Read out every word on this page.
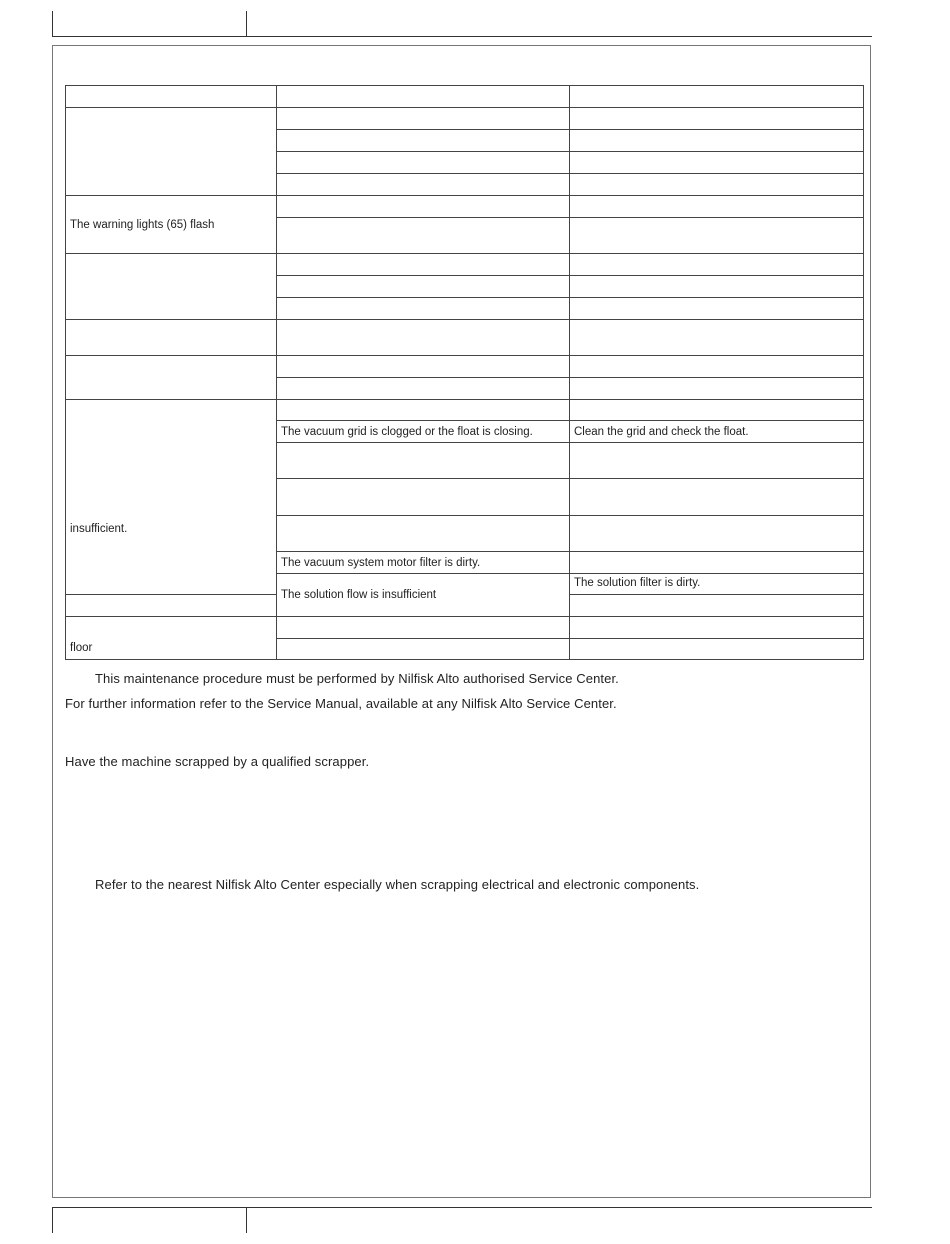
The warning lights (65) flash			

insufficient.			
	The vacuum grid is clogged or the float is closing.	Clean the grid and check the float.	

	The vacuum system motor filter is dirty.		
	The solution flow is insufficient	The solution filter is dirty.	

floor			

This maintenance procedure must be performed by Nilfisk Alto authorised Service Center.
For further information refer to the Service Manual, available at any Nilfisk Alto Service Center.
Have the machine scrapped by a qualified scrapper.
Refer to the nearest Nilfisk Alto Center especially when scrapping electrical and electronic components.
